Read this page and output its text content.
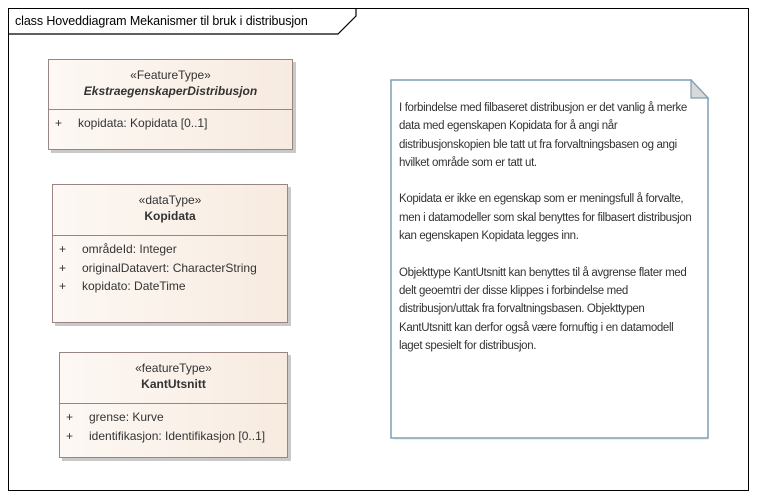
class Hoveddiagram Mekanismer til bruk i distribusjon
«FeatureType»
EkstraegenskaperDistribusjon
+	kopidata: Kopidata [0..1]
«dataType»
Kopidata
+	områdeId: Integer
+	originalDatavert: CharacterString
+	kopidato: DateTime
«featureType»
KantUtsnitt
+	grense: Kurve
+	identifikasjon: Identifikasjon [0..1]

I forbindelse med filbaseret distribusjon er det vanlig å merke data med egenskapen Kopidata for å angi når distribusjonskopien ble tatt ut fra forvaltningsbasen og angi hvilket område som er tatt ut.

Kopidata er ikke en egenskap som er meningsfull å forvalte, men i datamodeller som skal benyttes for filbasert distribusjon kan egenskapen Kopidata legges inn.

Objekttype KantUtsnitt kan benyttes til å avgrense flater med delt geoemtri der disse klippes i forbindelse med distribusjon/uttak fra forvaltningsbasen. Objekttypen KantUtsnitt kan derfor også være fornuftig i en datamodell laget spesielt for distribusjon.
